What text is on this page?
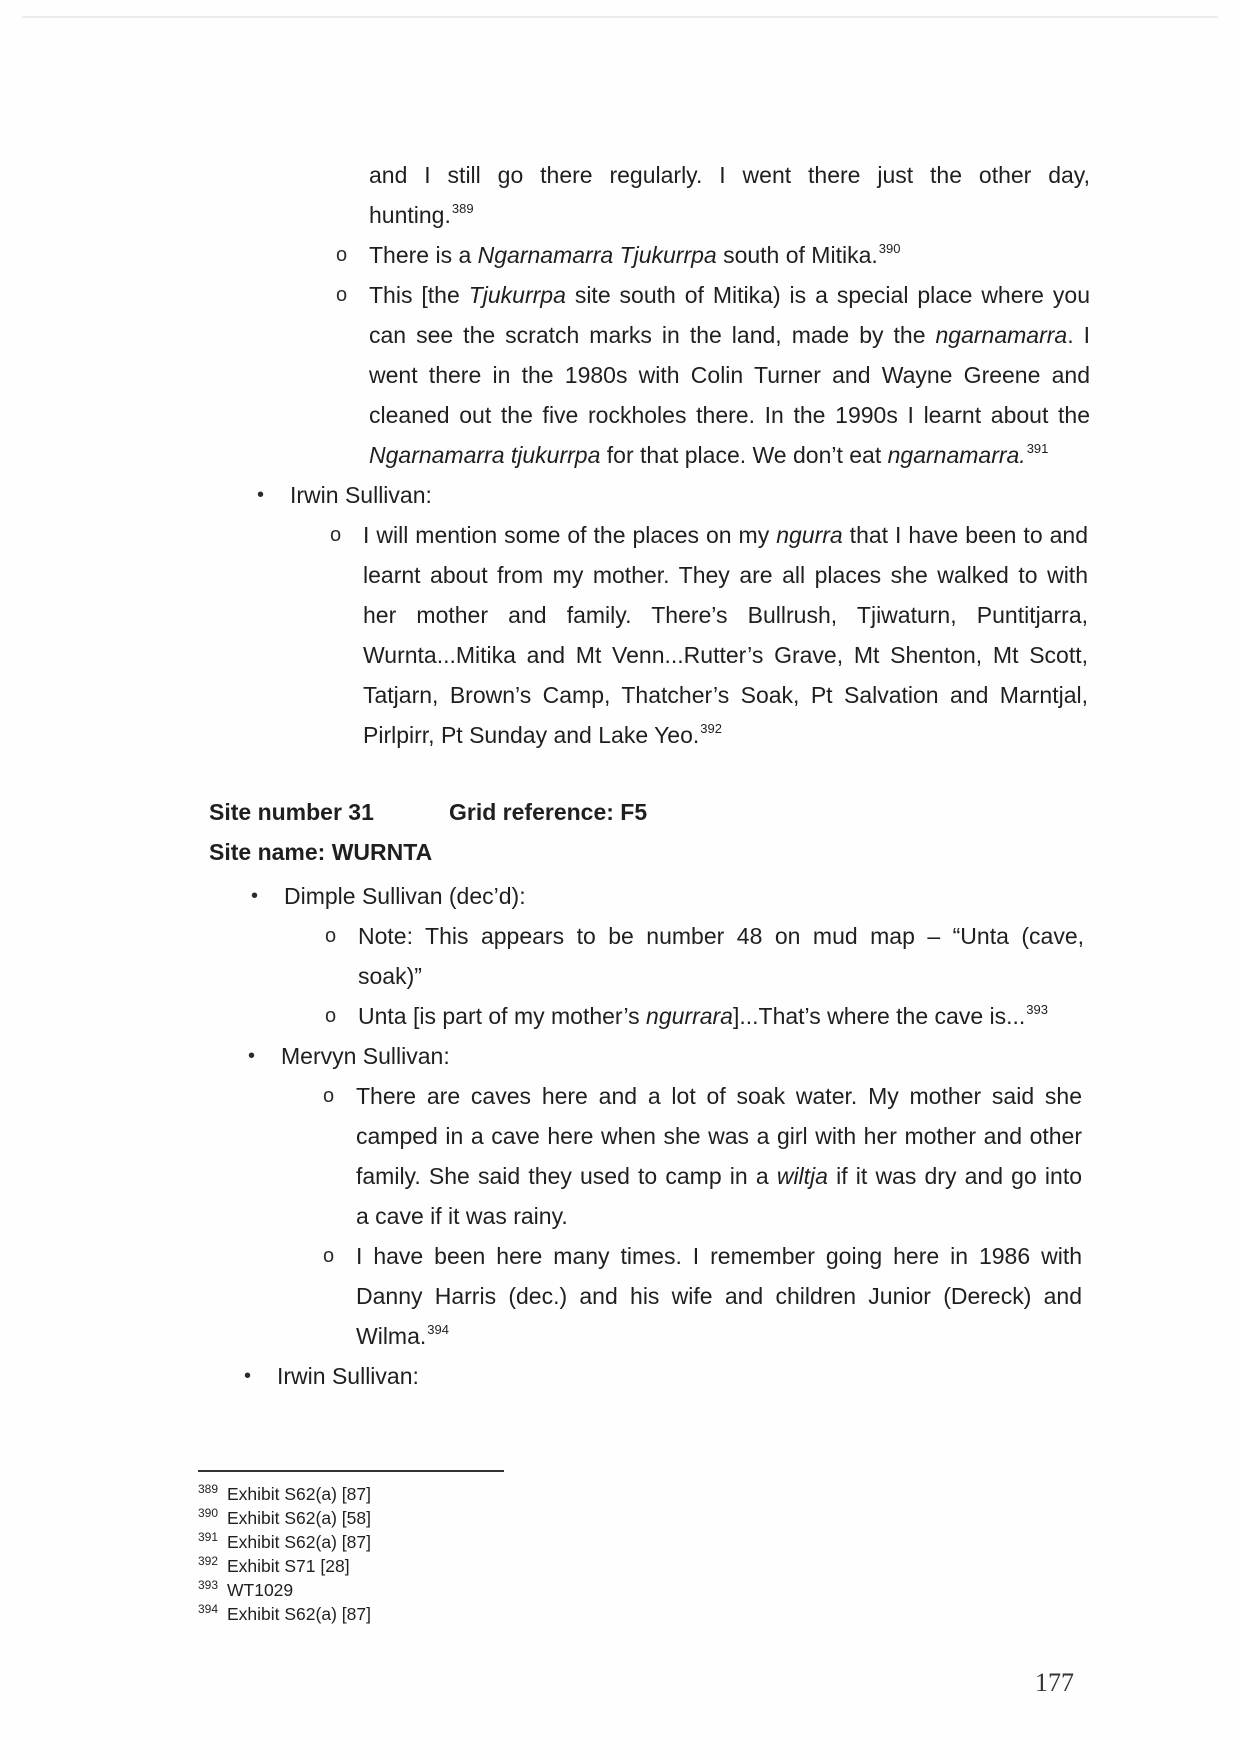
and I still go there regularly. I went there just the other day,
hunting.$^{389}$
o There is a Ngarnamarra Tjukurrpa south of Mitika.$^{390}$
o This [the Tjukurrpa site south of Mitika) is a special place where you
can see the scratch marks in the land, made by the ngarnamarra. I
went there in the 1980s with Colin Turner and Wayne Greene and
cleaned out the five rockholes there. In the 1990s I learnt about the
Ngarnamarra tjukurrpa for that place. We don’t eat ngarnamarra.$^{391}$
• Irwin Sullivan:
o I will mention some of the places on my ngurra that I have been to and
learnt about from my mother. They are all places she walked to with
her mother and family. There’s Bullrush, Tjiwaturn, Puntitjarra,
Wurnta...Mitika and Mt Venn...Rutter’s Grave, Mt Shenton, Mt Scott,
Tatjarn, Brown’s Camp, Thatcher’s Soak, Pt Salvation and Marntjal,
Pirlpirr, Pt Sunday and Lake Yeo.$^{392}$
Site number 31	Grid reference: F5
Site name: WURNTA
• Dimple Sullivan (dec’d):
o Note: This appears to be number 48 on mud map – “Unta (cave,
soak)”
o Unta [is part of my mother’s ngurrara]...That’s where the cave is...$^{393}$
• Mervyn Sullivan:
o There are caves here and a lot of soak water. My mother said she
camped in a cave here when she was a girl with her mother and other
family. She said they used to camp in a wiltja if it was dry and go into
a cave if it was rainy.
o I have been here many times. I remember going here in 1986 with
Danny Harris (dec.) and his wife and children Junior (Dereck) and
Wilma.$^{394}$
• Irwin Sullivan:
389 Exhibit S62(a) [87]
390 Exhibit S62(a) [58]
391 Exhibit S62(a) [87]
392 Exhibit S71 [28]
393 WT1029
394 Exhibit S62(a) [87]
177
